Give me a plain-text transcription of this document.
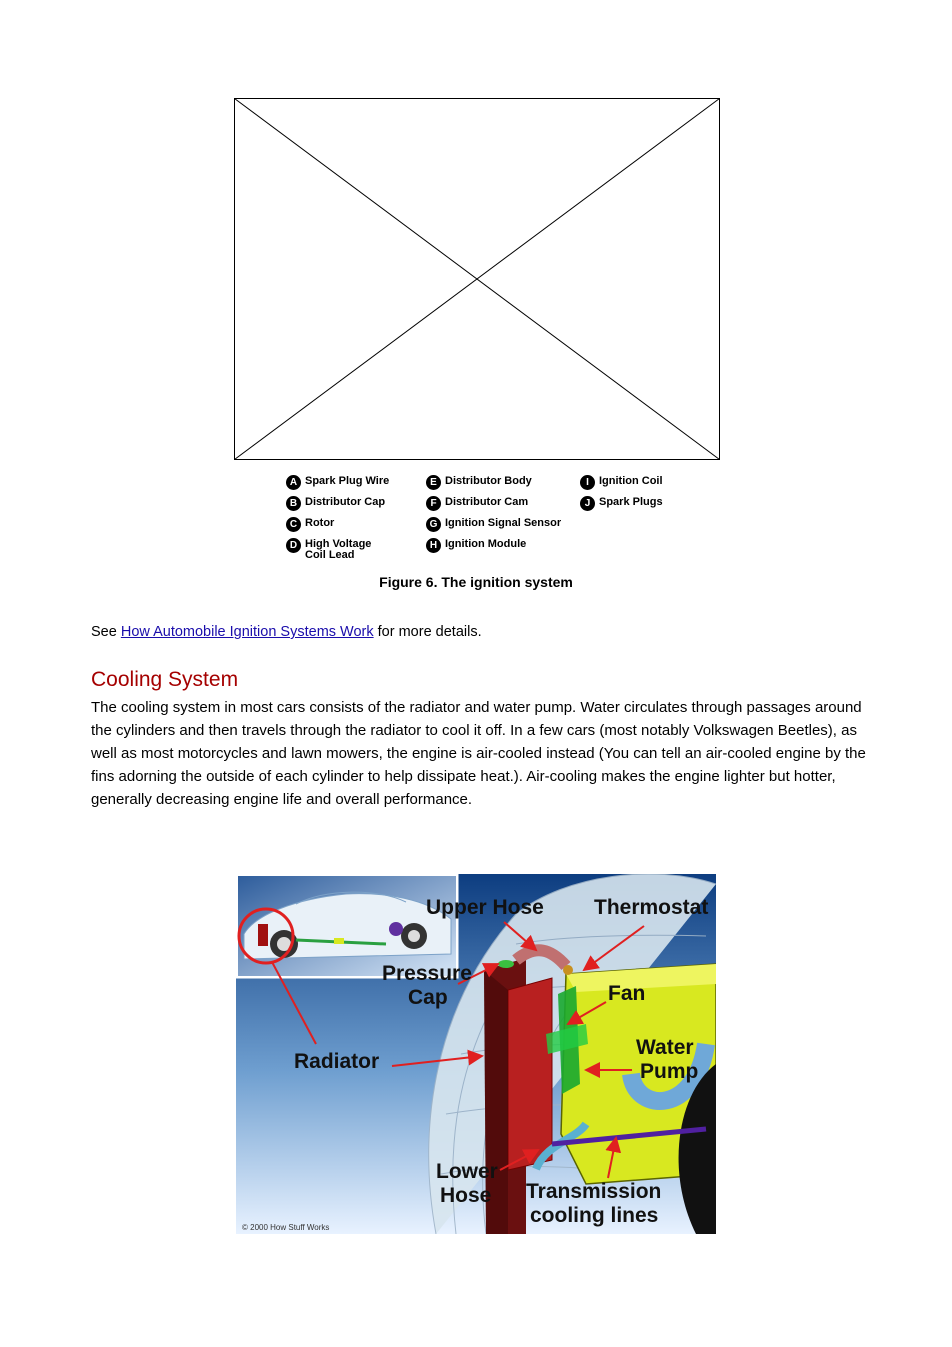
A Spark Plug Wire
B Distributor Cap
C Rotor
D High Voltage
Coil Lead
E Distributor Body
F Distributor Cam
G Ignition Signal Sensor
H Ignition Module
I Ignition Coil
J Spark Plugs
Figure 6. The ignition system
See How Automobile Ignition Systems Work for more details.
Cooling System

The cooling system in most cars consists of the radiator and water pump. Water circulates through passages around the cylinders and then travels through the radiator to cool it off. In a few cars (most notably Volkswagen Beetles), as well as most motorcycles and lawn mowers, the engine is air-cooled instead (You can tell an air-cooled engine by the fins adorning the outside of each cylinder to help dissipate heat.). Air-cooling makes the engine lighter but hotter, generally decreasing engine life and overall performance.

Upper Hose Thermostat
Pressure
Cap	Fan
Radiator
Water
Pump
Lower
Hose Transmission
cooling lines
© 2000 How Stuff Works
